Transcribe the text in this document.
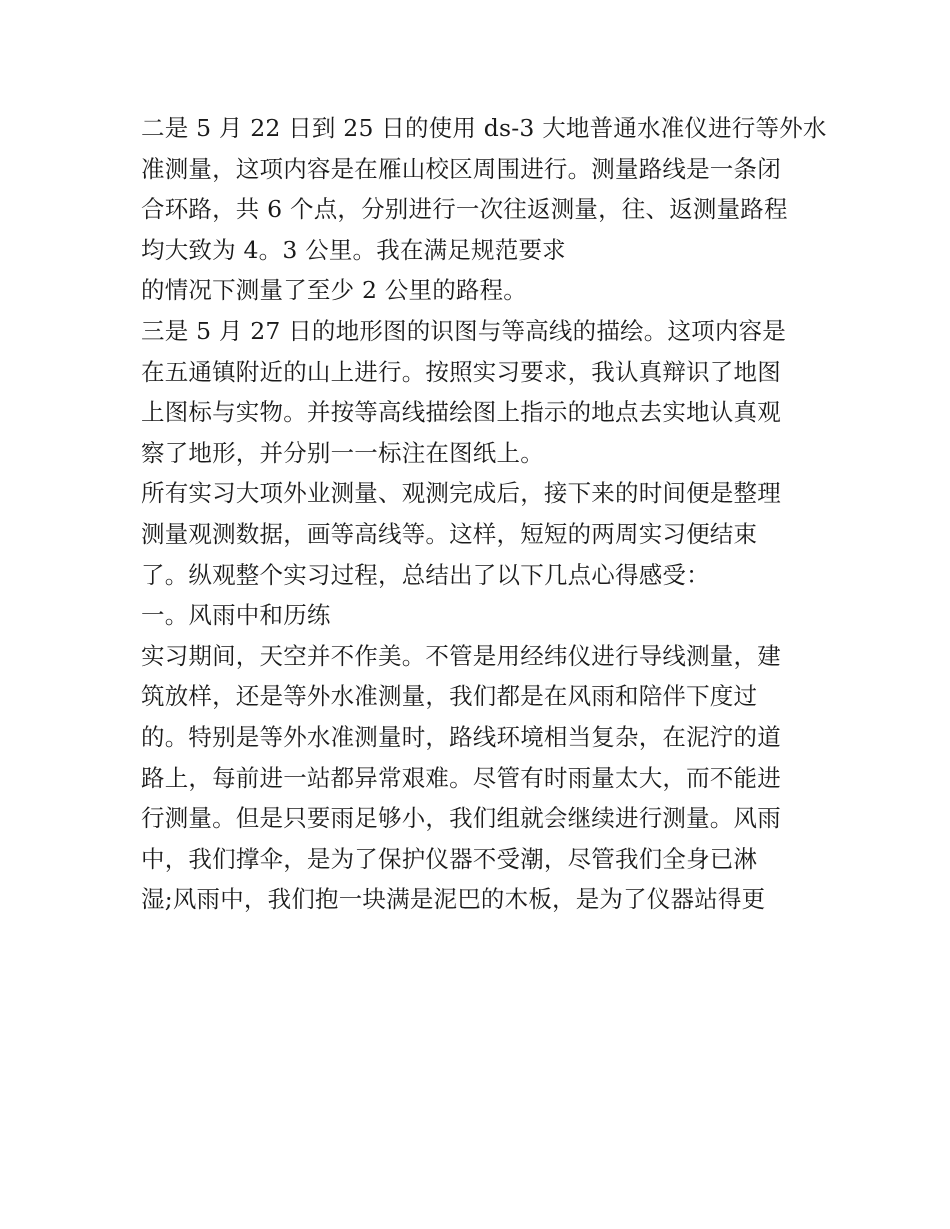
二是 5 月 22 日到 25 日的使用 ds-3 大地普通水准仪进行等外水
准测量，这项内容是在雁山校区周围进行。测量路线是一条闭
合环路，共 6 个点，分别进行一次往返测量，往、返测量路程
均大致为 4。3 公里。我在满足规范要求
的情况下测量了至少 2 公里的路程。
三是 5 月 27 日的地形图的识图与等高线的描绘。这项内容是
在五通镇附近的山上进行。按照实习要求，我认真辩识了地图
上图标与实物。并按等高线描绘图上指示的地点去实地认真观
察了地形，并分别一一标注在图纸上。
所有实习大项外业测量、观测完成后，接下来的时间便是整理
测量观测数据，画等高线等。这样，短短的两周实习便结束
了。纵观整个实习过程，总结出了以下几点心得感受：
一。风雨中和历练
实习期间，天空并不作美。不管是用经纬仪进行导线测量，建
筑放样，还是等外水准测量，我们都是在风雨和陪伴下度过
的。特别是等外水准测量时，路线环境相当复杂，在泥泞的道
路上，每前进一站都异常艰难。尽管有时雨量太大，而不能进
行测量。但是只要雨足够小，我们组就会继续进行测量。风雨
中，我们撑伞，是为了保护仪器不受潮，尽管我们全身已淋
湿;风雨中，我们抱一块满是泥巴的木板，是为了仪器站得更
